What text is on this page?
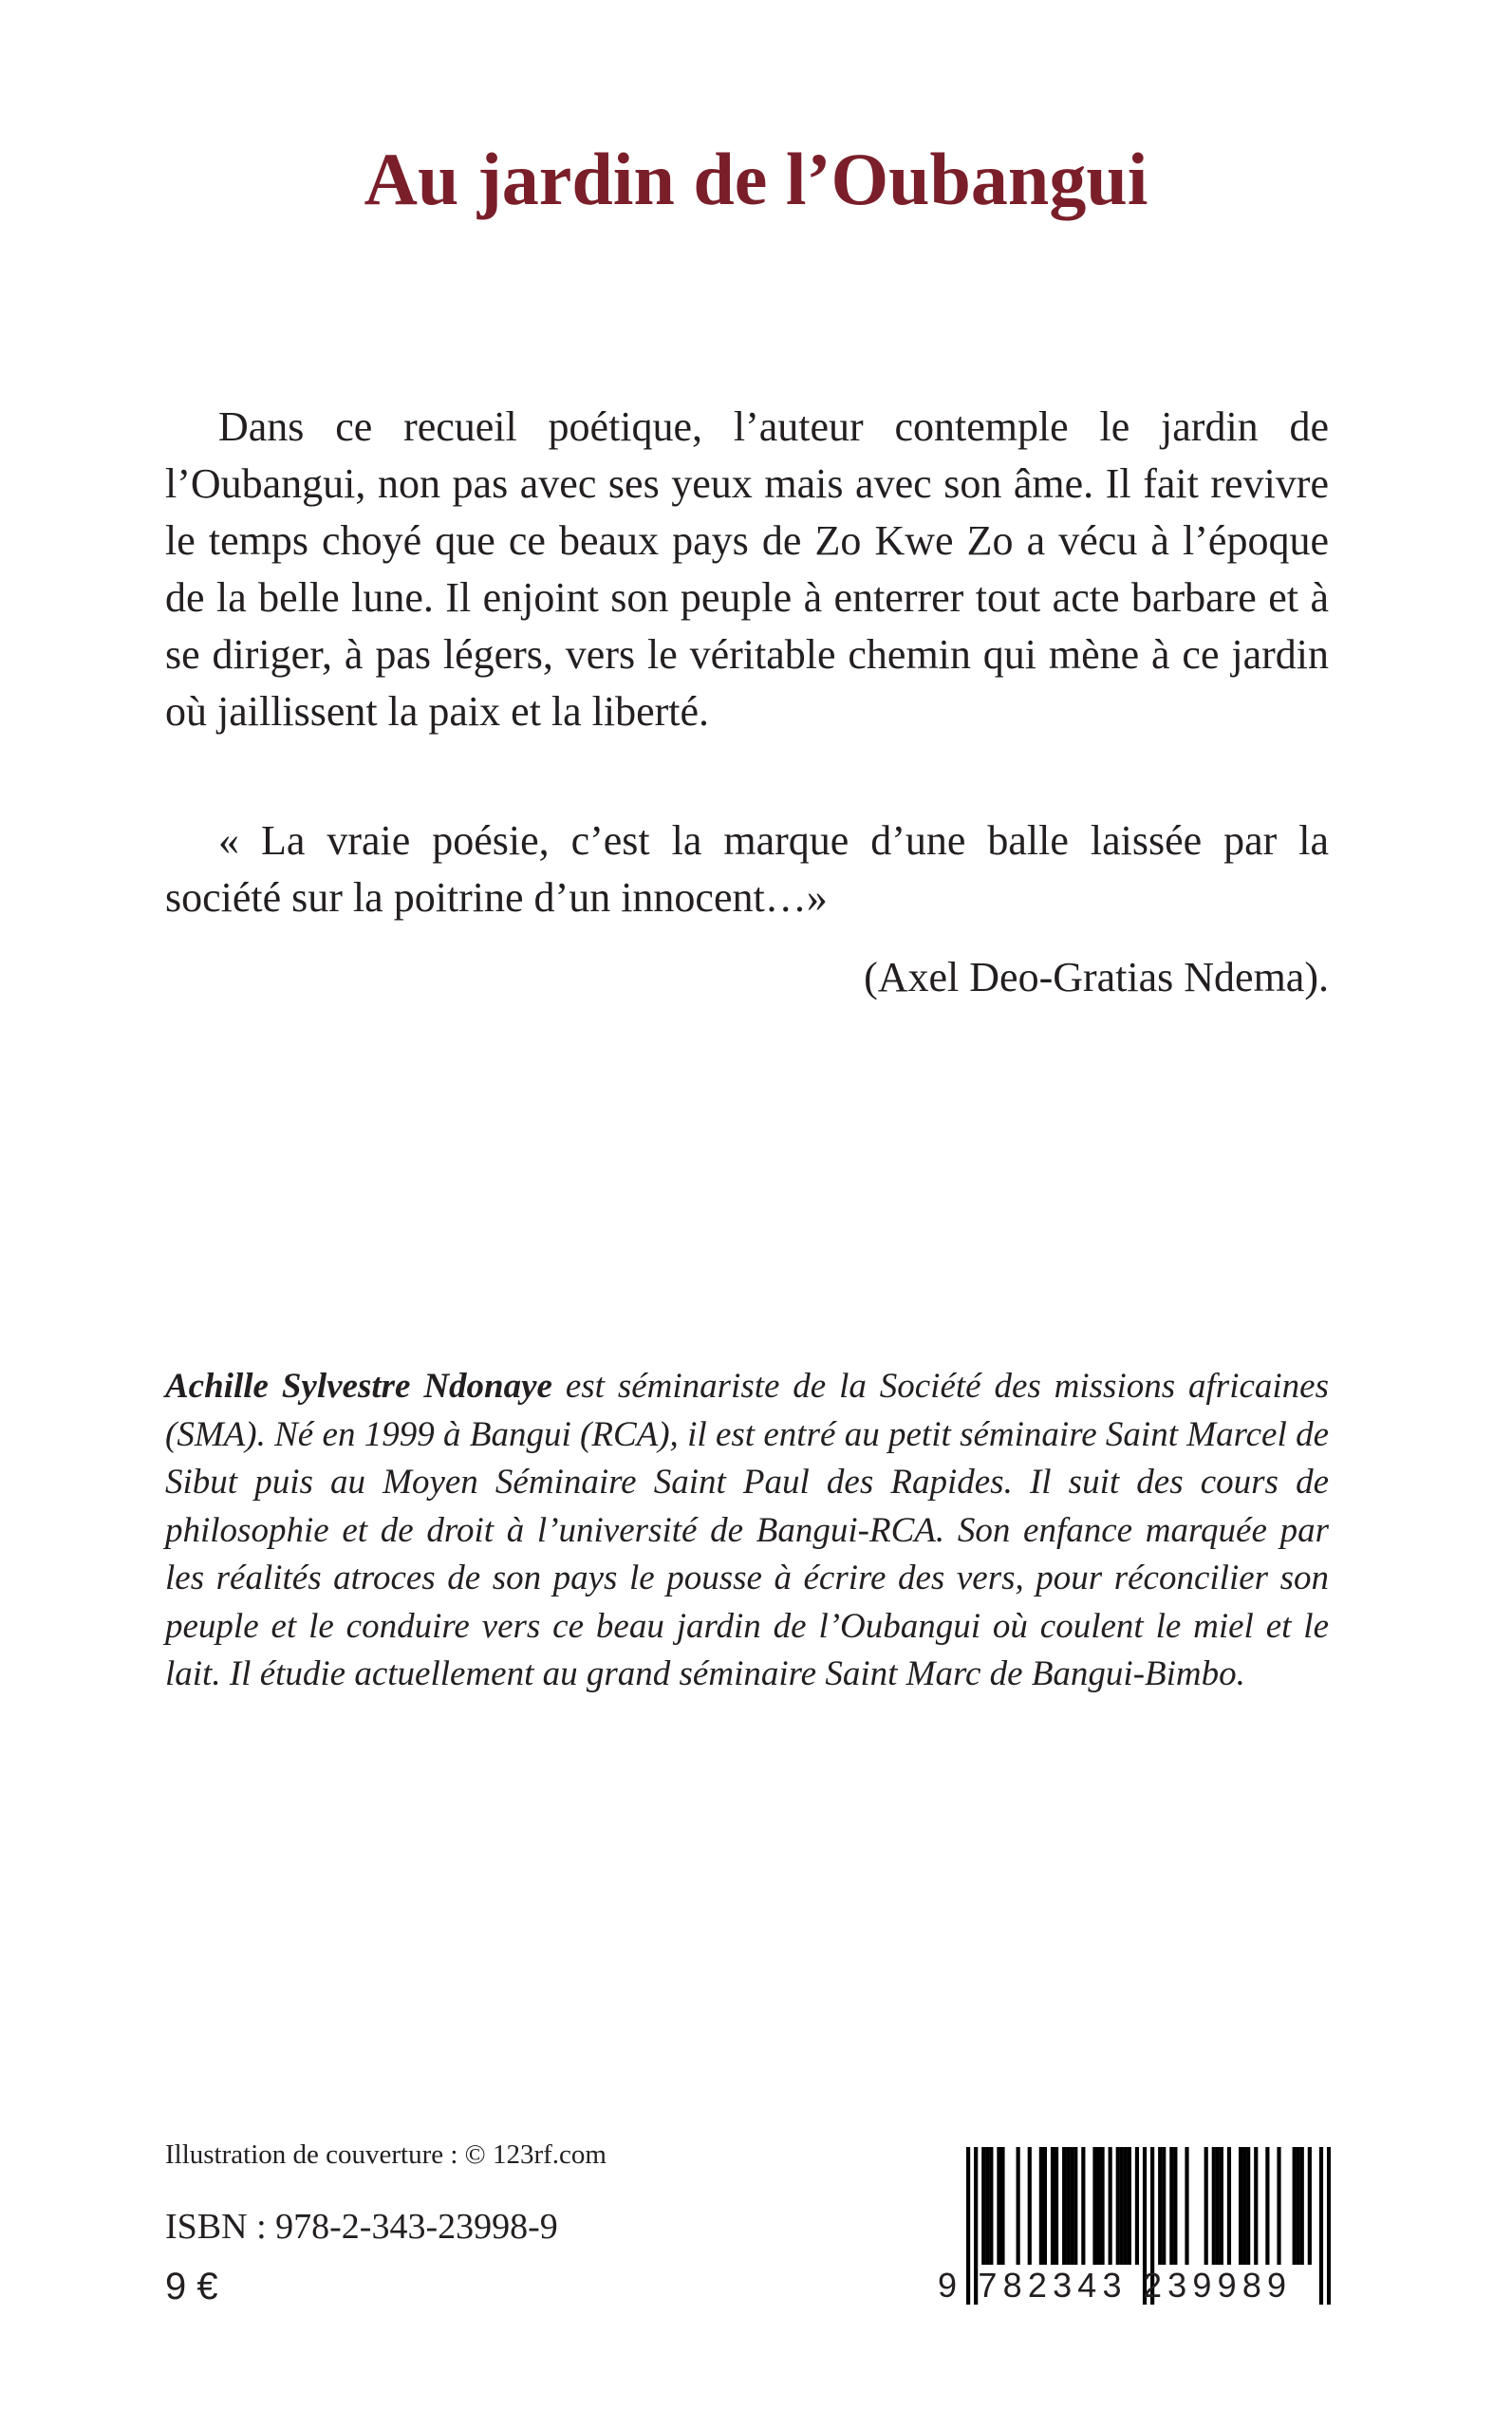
Au jardin de l’Oubangui

Dans ce recueil poétique, l’auteur contemple le jardin de l’Oubangui, non pas avec ses yeux mais avec son âme. Il fait revivre le temps choyé que ce beaux pays de Zo Kwe Zo a vécu à l’époque de la belle lune. Il enjoint son peuple à enterrer tout acte barbare et à se diriger, à pas légers, vers le véritable chemin qui mène à ce jardin où jaillissent la paix et la liberté.

« La vraie poésie, c’est la marque d’une balle laissée par la société sur la poitrine d’un innocent…»

(Axel Deo-Gratias Ndema).

Achille Sylvestre Ndonaye est séminariste de la Société des missions africaines (SMA). Né en 1999 à Bangui (RCA), il est entré au petit séminaire Saint Marcel de Sibut puis au Moyen Séminaire Saint Paul des Rapides. Il suit des cours de philosophie et de droit à l’université de Bangui-RCA. Son enfance marquée par les réalités atroces de son pays le pousse à écrire des vers, pour réconcilier son peuple et le conduire vers ce beau jardin de l’Oubangui où coulent le miel et le lait. Il étudie actuellement au grand séminaire Saint Marc de Bangui-Bimbo.

Illustration de couverture : © 123rf.com

ISBN : 978-2-343-23998-9

9 €	9 782343 239989
